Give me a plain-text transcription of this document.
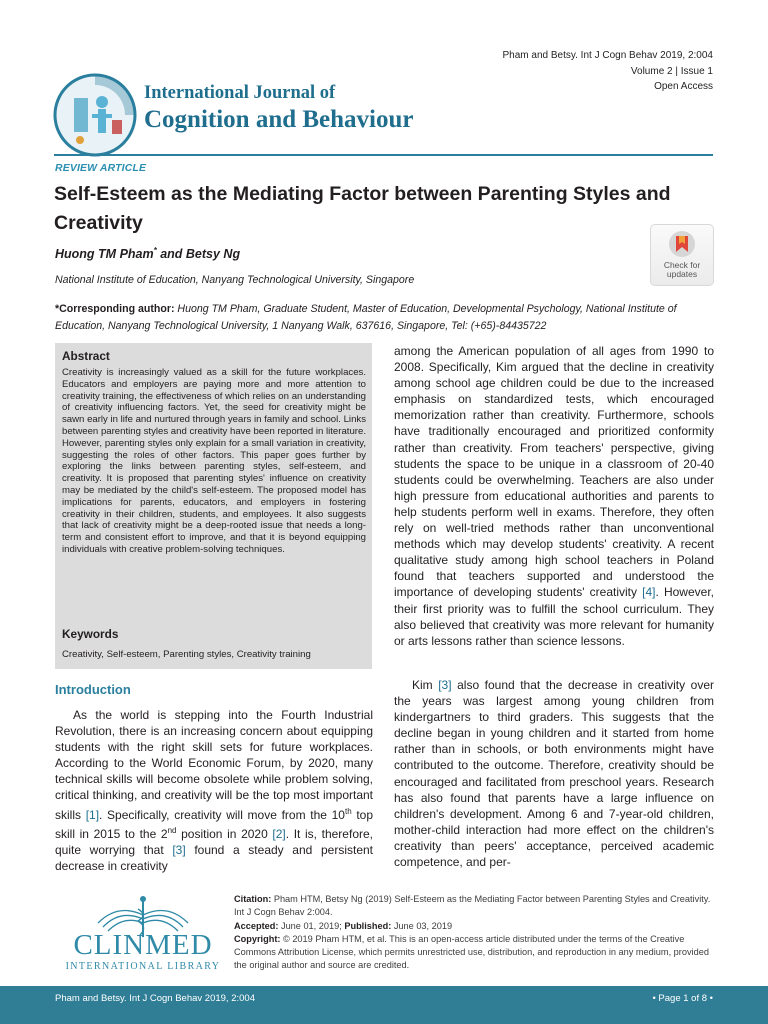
International Journal of
Cognition and Behaviour
Pham and Betsy. Int J Cogn Behav 2019, 2:004
Volume 2 | Issue 1
Open Access
REVIEW ARTICLE
Self-Esteem as the Mediating Factor between Parenting Styles and Creativity
Check for
updates
Huong TM Pham* and Betsy Ng
National Institute of Education, Nanyang Technological University, Singapore
*Corresponding author: Huong TM Pham, Graduate Student, Master of Education, Developmental Psychology, National Institute of Education, Nanyang Technological University, 1 Nanyang Walk, 637616, Singapore, Tel: (+65)-84435722
Abstract
Creativity is increasingly valued as a skill for the future workplaces. Educators and employers are paying more and more attention to creativity training, the effectiveness of which relies on an understanding of creativity influencing factors. Yet, the seed for creativity might be sawn early in life and nurtured through years in family and school. Links between parenting styles and creativity have been reported in literature. However, parenting styles only explain for a small variation in creativity, suggesting the roles of other factors. This paper goes further by exploring the links between parenting styles, self-esteem, and creativity. It is proposed that parenting styles' influence on creativity may be mediated by the child's self-esteem. The proposed model has implications for parents, educators, and employers in fostering creativity in their children, students, and employees. It also suggests that lack of creativity might be a deep-rooted issue that needs a long-term and consistent effort to improve, and that it is beyond equipping individuals with creative problem-solving techniques.
Keywords
Creativity, Self-esteem, Parenting styles, Creativity training
Introduction
As the world is stepping into the Fourth Industrial Revolution, there is an increasing concern about equipping students with the right skill sets for future workplaces. According to the World Economic Forum, by 2020, many technical skills will become obsolete while problem solving, critical thinking, and creativity will be the top most important skills [1]. Specifically, creativity will move from the 10th top skill in 2015 to the 2nd position in 2020 [2]. It is, therefore, quite worrying that [3] found a steady and persistent decrease in creativity
among the American population of all ages from 1990 to 2008. Specifically, Kim argued that the decline in creativity among school age children could be due to the increased emphasis on standardized tests, which encouraged memorization rather than creativity. Furthermore, schools have traditionally encouraged and prioritized conformity rather than creativity. From teachers' perspective, giving students the space to be unique in a classroom of 20-40 students could be overwhelming. Teachers are also under high pressure from educational authorities and parents to help students perform well in exams. Therefore, they often rely on well-tried methods rather than unconventional methods which may develop students' creativity. A recent qualitative study among high school teachers in Poland found that teachers supported and understood the importance of developing students' creativity [4]. However, their first priority was to fulfill the school curriculum. They also believed that creativity was more relevant for humanity or arts lessons rather than science lessons.
Kim [3] also found that the decrease in creativity over the years was largest among young children from kindergartners to third graders. This suggests that the decline began in young children and it started from home rather than in schools, or both environments might have contributed to the outcome. Therefore, creativity should be encouraged and facilitated from preschool years. Research has also found that parents have a large influence on children's development. Among 6 and 7-year-old children, mother-child interaction had more effect on the children's creativity than peers' acceptance, perceived academic competence, and per-
CLINMED
INTERNATIONAL LIBRARY
Citation: Pham HTM, Betsy Ng (2019) Self-Esteem as the Mediating Factor between Parenting Styles and Creativity. Int J Cogn Behav 2:004.
Accepted: June 01, 2019; Published: June 03, 2019
Copyright: © 2019 Pham HTM, et al. This is an open-access article distributed under the terms of the Creative Commons Attribution License, which permits unrestricted use, distribution, and reproduction in any medium, provided the original author and source are credited.
Pham and Betsy. Int J Cogn Behav 2019, 2:004	• Page 1 of 8 •
